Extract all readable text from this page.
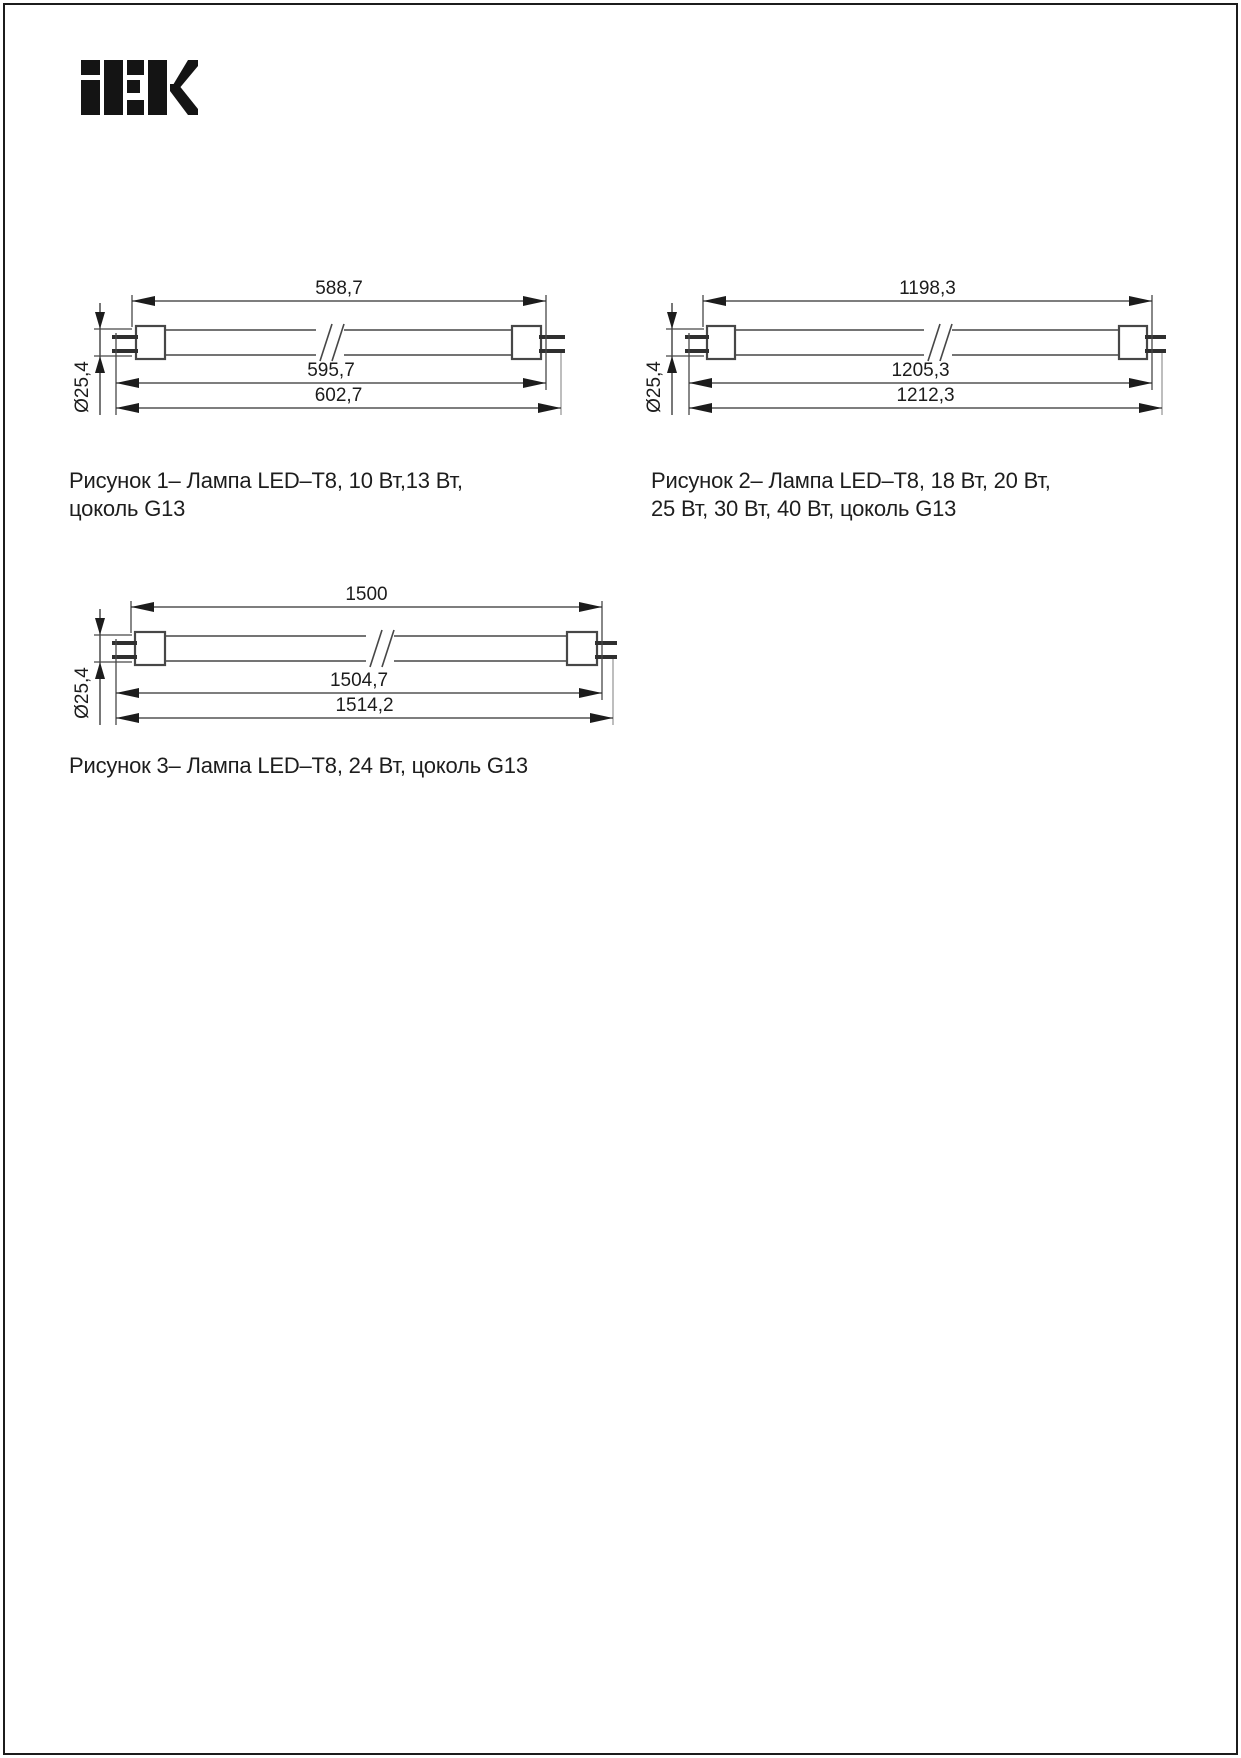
588,7
595,7
602,7
Ø25,4
1198,3
1205,3
1212,3
Ø25,4
1500
1504,7
1514,2
Ø25,4
Рисунок 1– Лампа LED–T8, 10 Вт,13 Вт,
цоколь G13
Рисунок 2– Лампа LED–T8, 18 Вт, 20 Вт,
25 Вт, 30 Вт, 40 Вт, цоколь G13
Рисунок 3– Лампа LED–T8, 24 Вт, цоколь G13
